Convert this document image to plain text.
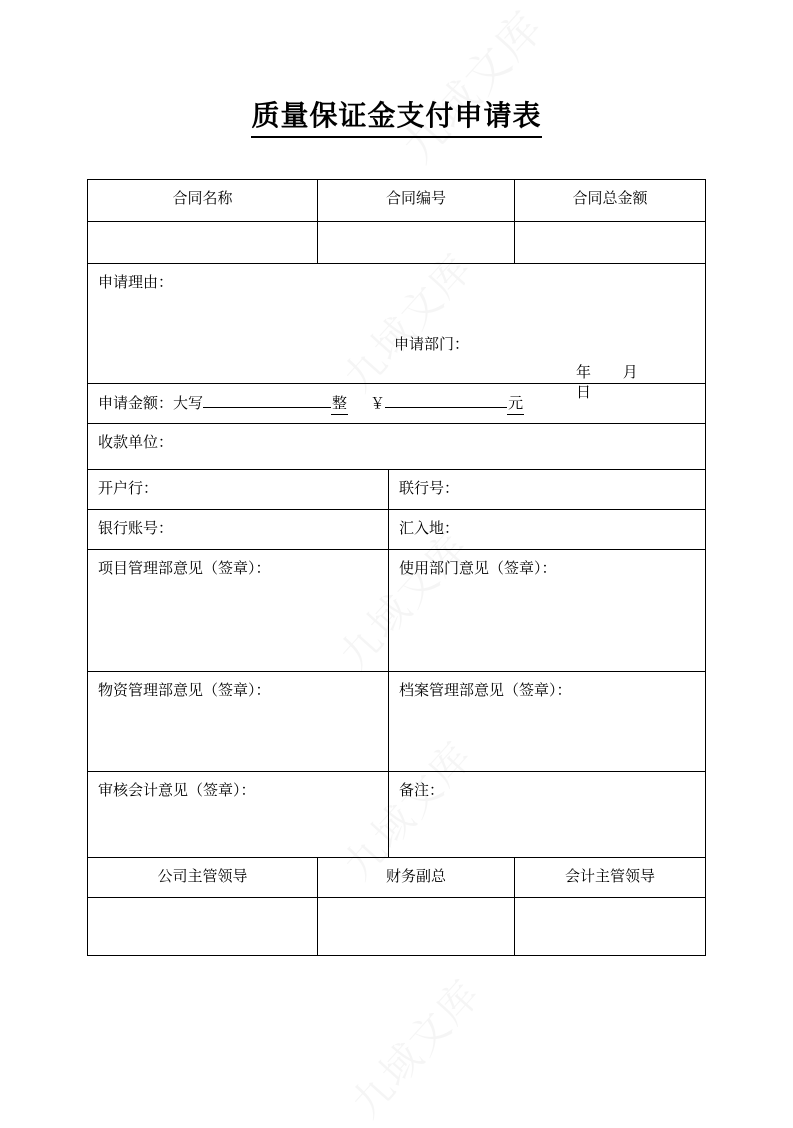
质量保证金支付申请表
合同名称	合同编号		合同总金额

申请理由：
申请部门：
年 月 日			

申请金额： 大写 整 ￥ 元			

收款单位：			
开户行：		联行号：	
银行账号：		汇入地：	
项目管理部意见（签章）：		使用部门意见（签章）：	
物资管理部意见（签章）：		档案管理部意见（签章）：	
审核会计意见（签章）：		备注：	
公司主管领导	财务副总		会计主管领导
